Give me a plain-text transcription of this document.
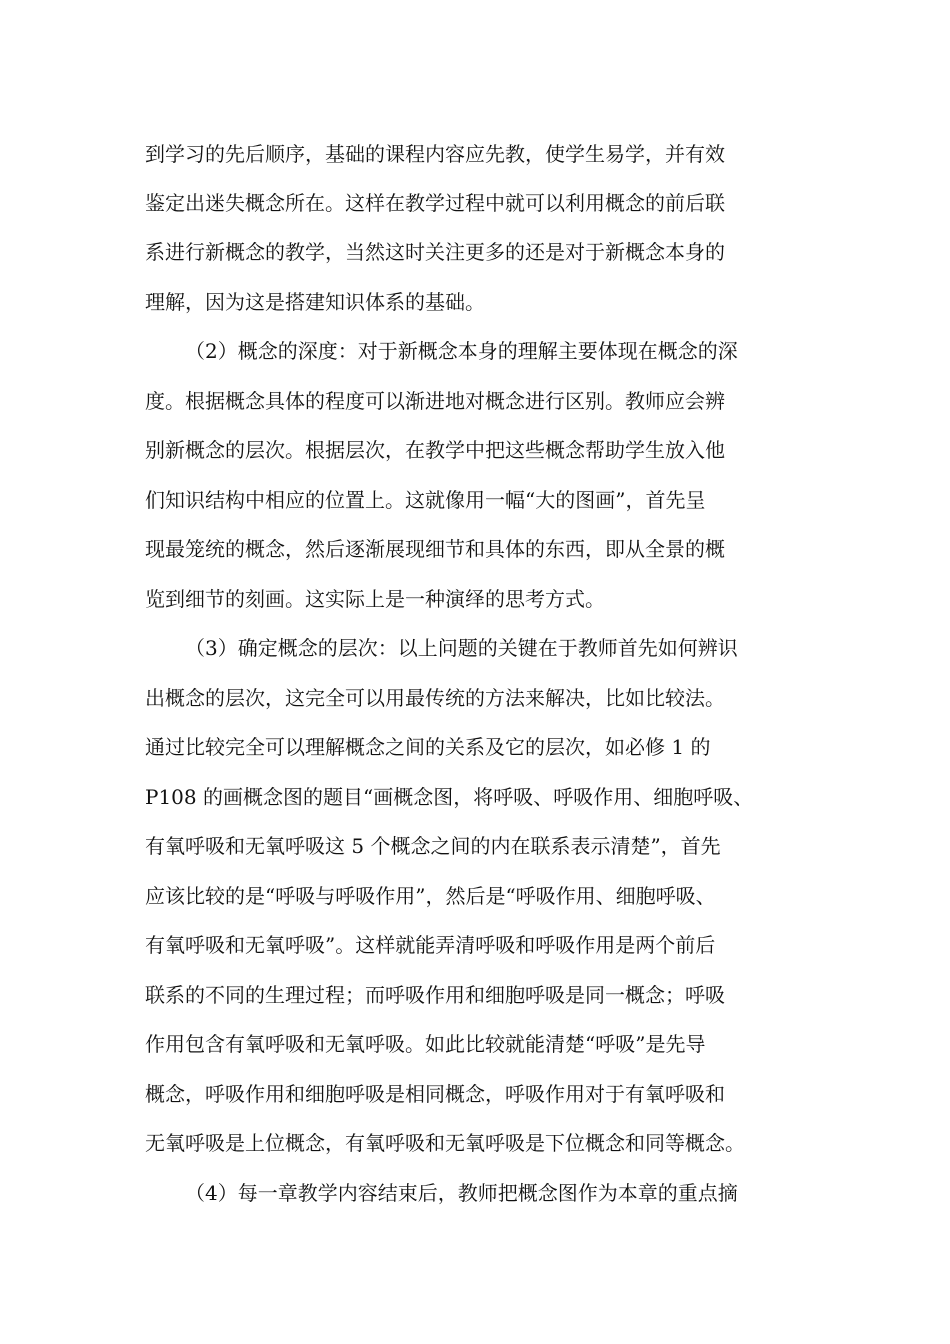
到学习的先后顺序，基础的课程内容应先教，使学生易学，并有效
鉴定出迷失概念所在。这样在教学过程中就可以利用概念的前后联
系进行新概念的教学，当然这时关注更多的还是对于新概念本身的
理解，因为这是搭建知识体系的基础。
（2）概念的深度：对于新概念本身的理解主要体现在概念的深
度。根据概念具体的程度可以渐进地对概念进行区别。教师应会辨
别新概念的层次。根据层次，在教学中把这些概念帮助学生放入他
们知识结构中相应的位置上。这就像用一幅“大的图画”，首先呈
现最笼统的概念，然后逐渐展现细节和具体的东西，即从全景的概
览到细节的刻画。这实际上是一种演绎的思考方式。
（3）确定概念的层次：以上问题的关键在于教师首先如何辨识
出概念的层次，这完全可以用最传统的方法来解决，比如比较法。
通过比较完全可以理解概念之间的关系及它的层次，如必修 1 的
P108 的画概念图的题目“画概念图，将呼吸、呼吸作用、细胞呼吸、
有氧呼吸和无氧呼吸这 5 个概念之间的内在联系表示清楚”，首先
应该比较的是“呼吸与呼吸作用”，然后是“呼吸作用、细胞呼吸、
有氧呼吸和无氧呼吸”。这样就能弄清呼吸和呼吸作用是两个前后
联系的不同的生理过程；而呼吸作用和细胞呼吸是同一概念；呼吸
作用包含有氧呼吸和无氧呼吸。如此比较就能清楚“呼吸”是先导
概念，呼吸作用和细胞呼吸是相同概念，呼吸作用对于有氧呼吸和
无氧呼吸是上位概念，有氧呼吸和无氧呼吸是下位概念和同等概念。
（4）每一章教学内容结束后，教师把概念图作为本章的重点摘
